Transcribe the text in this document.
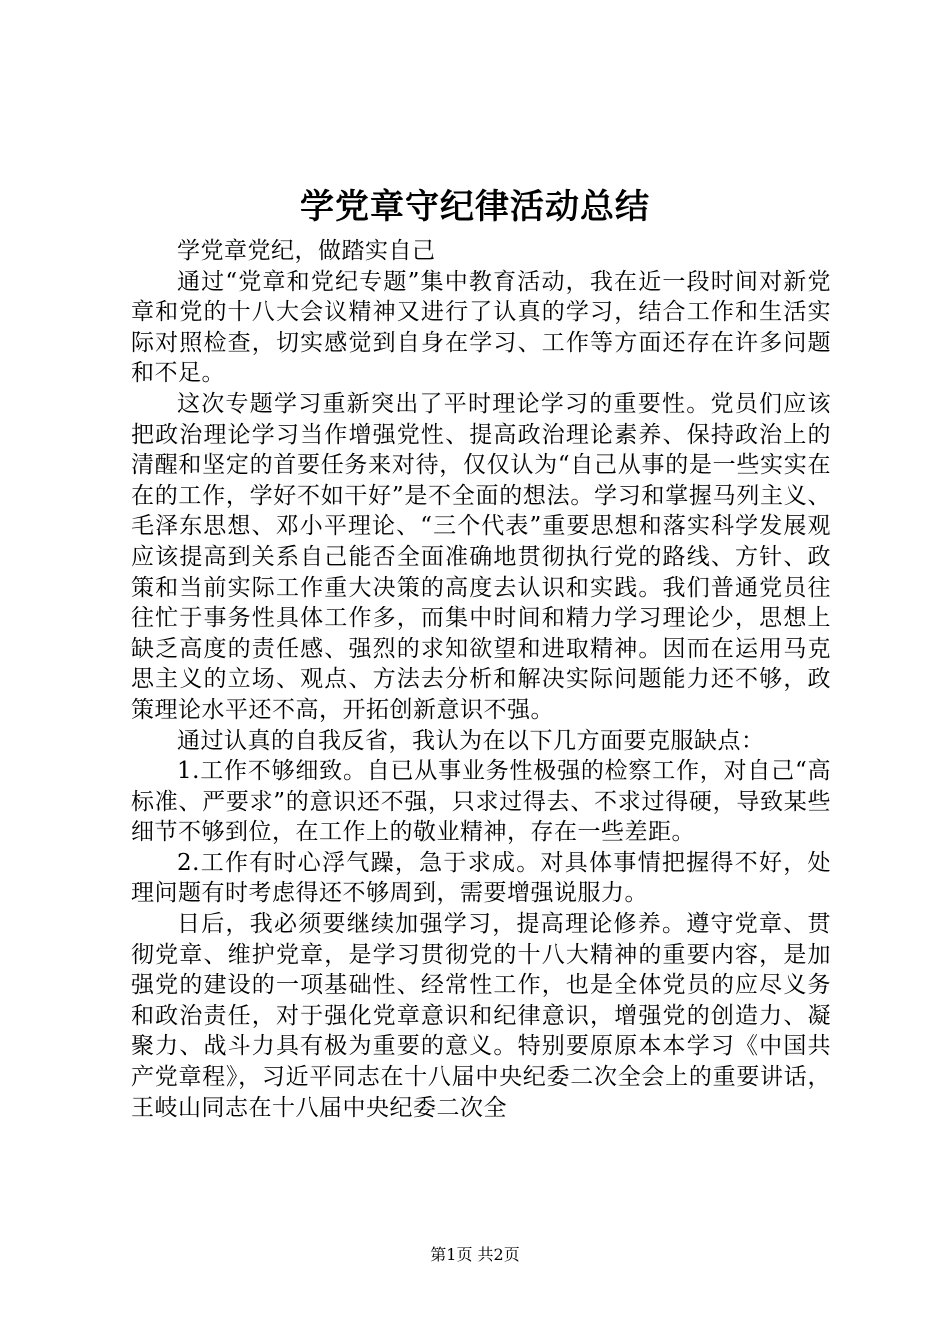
学党章守纪律活动总结

学党章党纪，做踏实自己

通过“党章和党纪专题”集中教育活动，我在近一段时间对新党章和党的十八大会议精神又进行了认真的学习，结合工作和生活实际对照检查，切实感觉到自身在学习、工作等方面还存在许多问题和不足。

这次专题学习重新突出了平时理论学习的重要性。党员们应该把政治理论学习当作增强党性、提高政治理论素养、保持政治上的清醒和坚定的首要任务来对待，仅仅认为“自己从事的是一些实实在在的工作，学好不如干好”是不全面的想法。学习和掌握马列主义、毛泽东思想、邓小平理论、“三个代表”重要思想和落实科学发展观应该提高到关系自己能否全面准确地贯彻执行党的路线、方针、政策和当前实际工作重大决策的高度去认识和实践。我们普通党员往往忙于事务性具体工作多，而集中时间和精力学习理论少，思想上缺乏高度的责任感、强烈的求知欲望和进取精神。因而在运用马克思主义的立场、观点、方法去分析和解决实际问题能力还不够，政策理论水平还不高，开拓创新意识不强。

通过认真的自我反省，我认为在以下几方面要克服缺点：

1.工作不够细致。自已从事业务性极强的检察工作，对自己“高标准、严要求”的意识还不强，只求过得去、不求过得硬，导致某些细节不够到位，在工作上的敬业精神，存在一些差距。

2.工作有时心浮气躁，急于求成。对具体事情把握得不好，处理问题有时考虑得还不够周到，需要增强说服力。

日后，我必须要继续加强学习，提高理论修养。遵守党章、贯彻党章、维护党章，是学习贯彻党的十八大精神的重要内容，是加强党的建设的一项基础性、经常性工作，也是全体党员的应尽义务和政治责任，对于强化党章意识和纪律意识，增强党的创造力、凝聚力、战斗力具有极为重要的意义。特别要原原本本学习《中国共产党章程》，习近平同志在十八届中央纪委二次全会上的重要讲话，王岐山同志在十八届中央纪委二次全

第1页 共2页
